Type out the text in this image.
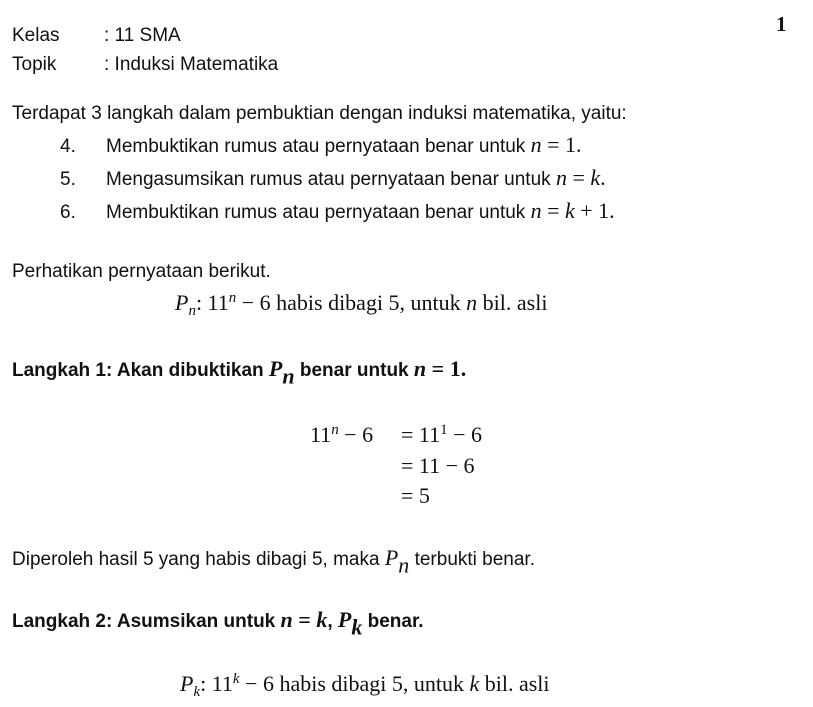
1
Kelas : 11 SMA
Topik	: Induksi Matematika
Terdapat 3 langkah dalam pembuktian dengan induksi matematika, yaitu:
4. Membuktikan rumus atau pernyataan benar untuk n = 1.
5. Mengasumsikan rumus atau pernyataan benar untuk n = k.
6. Membuktikan rumus atau pernyataan benar untuk n = k + 1.
Perhatikan pernyataan berikut.
$P_n$: $11^n - 6$ habis dibagi 5, untuk n bil. asli
Langkah 1: Akan dibuktikan $P_n$ benar untuk n = 1.
$11^n - 6 = 11^1 - 6$
= 11 − 6
= 5
Diperoleh hasil 5 yang habis dibagi 5, maka $P_n$ terbukti benar.
Langkah 2: Asumsikan untuk n = k, $P_k$ benar.
$P_k$: $11^k - 6$ habis dibagi 5, untuk k bil. asli
